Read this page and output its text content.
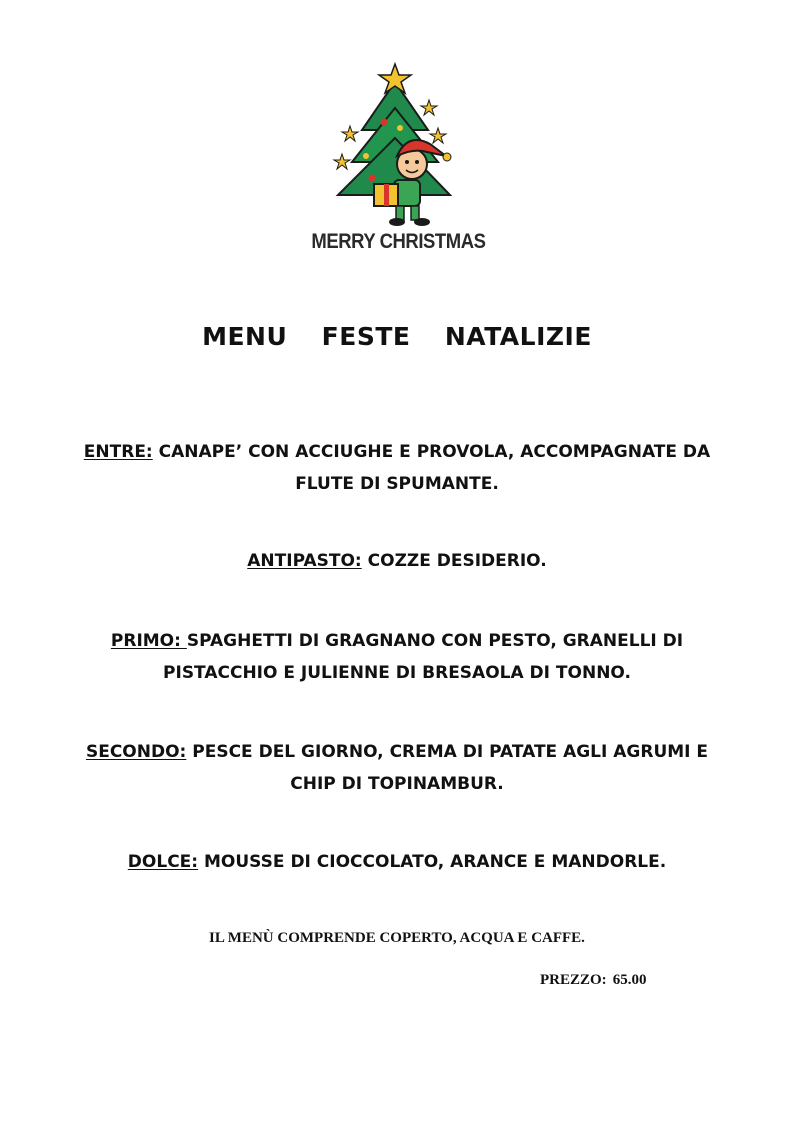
MERRY CHRISTMAS
MENU  FESTE  NATALIZIE

ENTRE: CANAPE’ CON ACCIUGHE E PROVOLA, ACCOMPAGNATE DA FLUTE DI SPUMANTE.

ANTIPASTO: COZZE DESIDERIO.

PRIMO: SPAGHETTI DI GRAGNANO CON PESTO, GRANELLI DI PISTACCHIO E JULIENNE DI BRESAOLA DI TONNO.

SECONDO: PESCE DEL GIORNO, CREMA DI PATATE AGLI AGRUMI E CHIP DI TOPINAMBUR.

DOLCE: MOUSSE DI CIOCCOLATO, ARANCE E MANDORLE.

IL MENÙ COMPRENDE COPERTO, ACQUA E CAFFE.

PREZZO: 65.00
